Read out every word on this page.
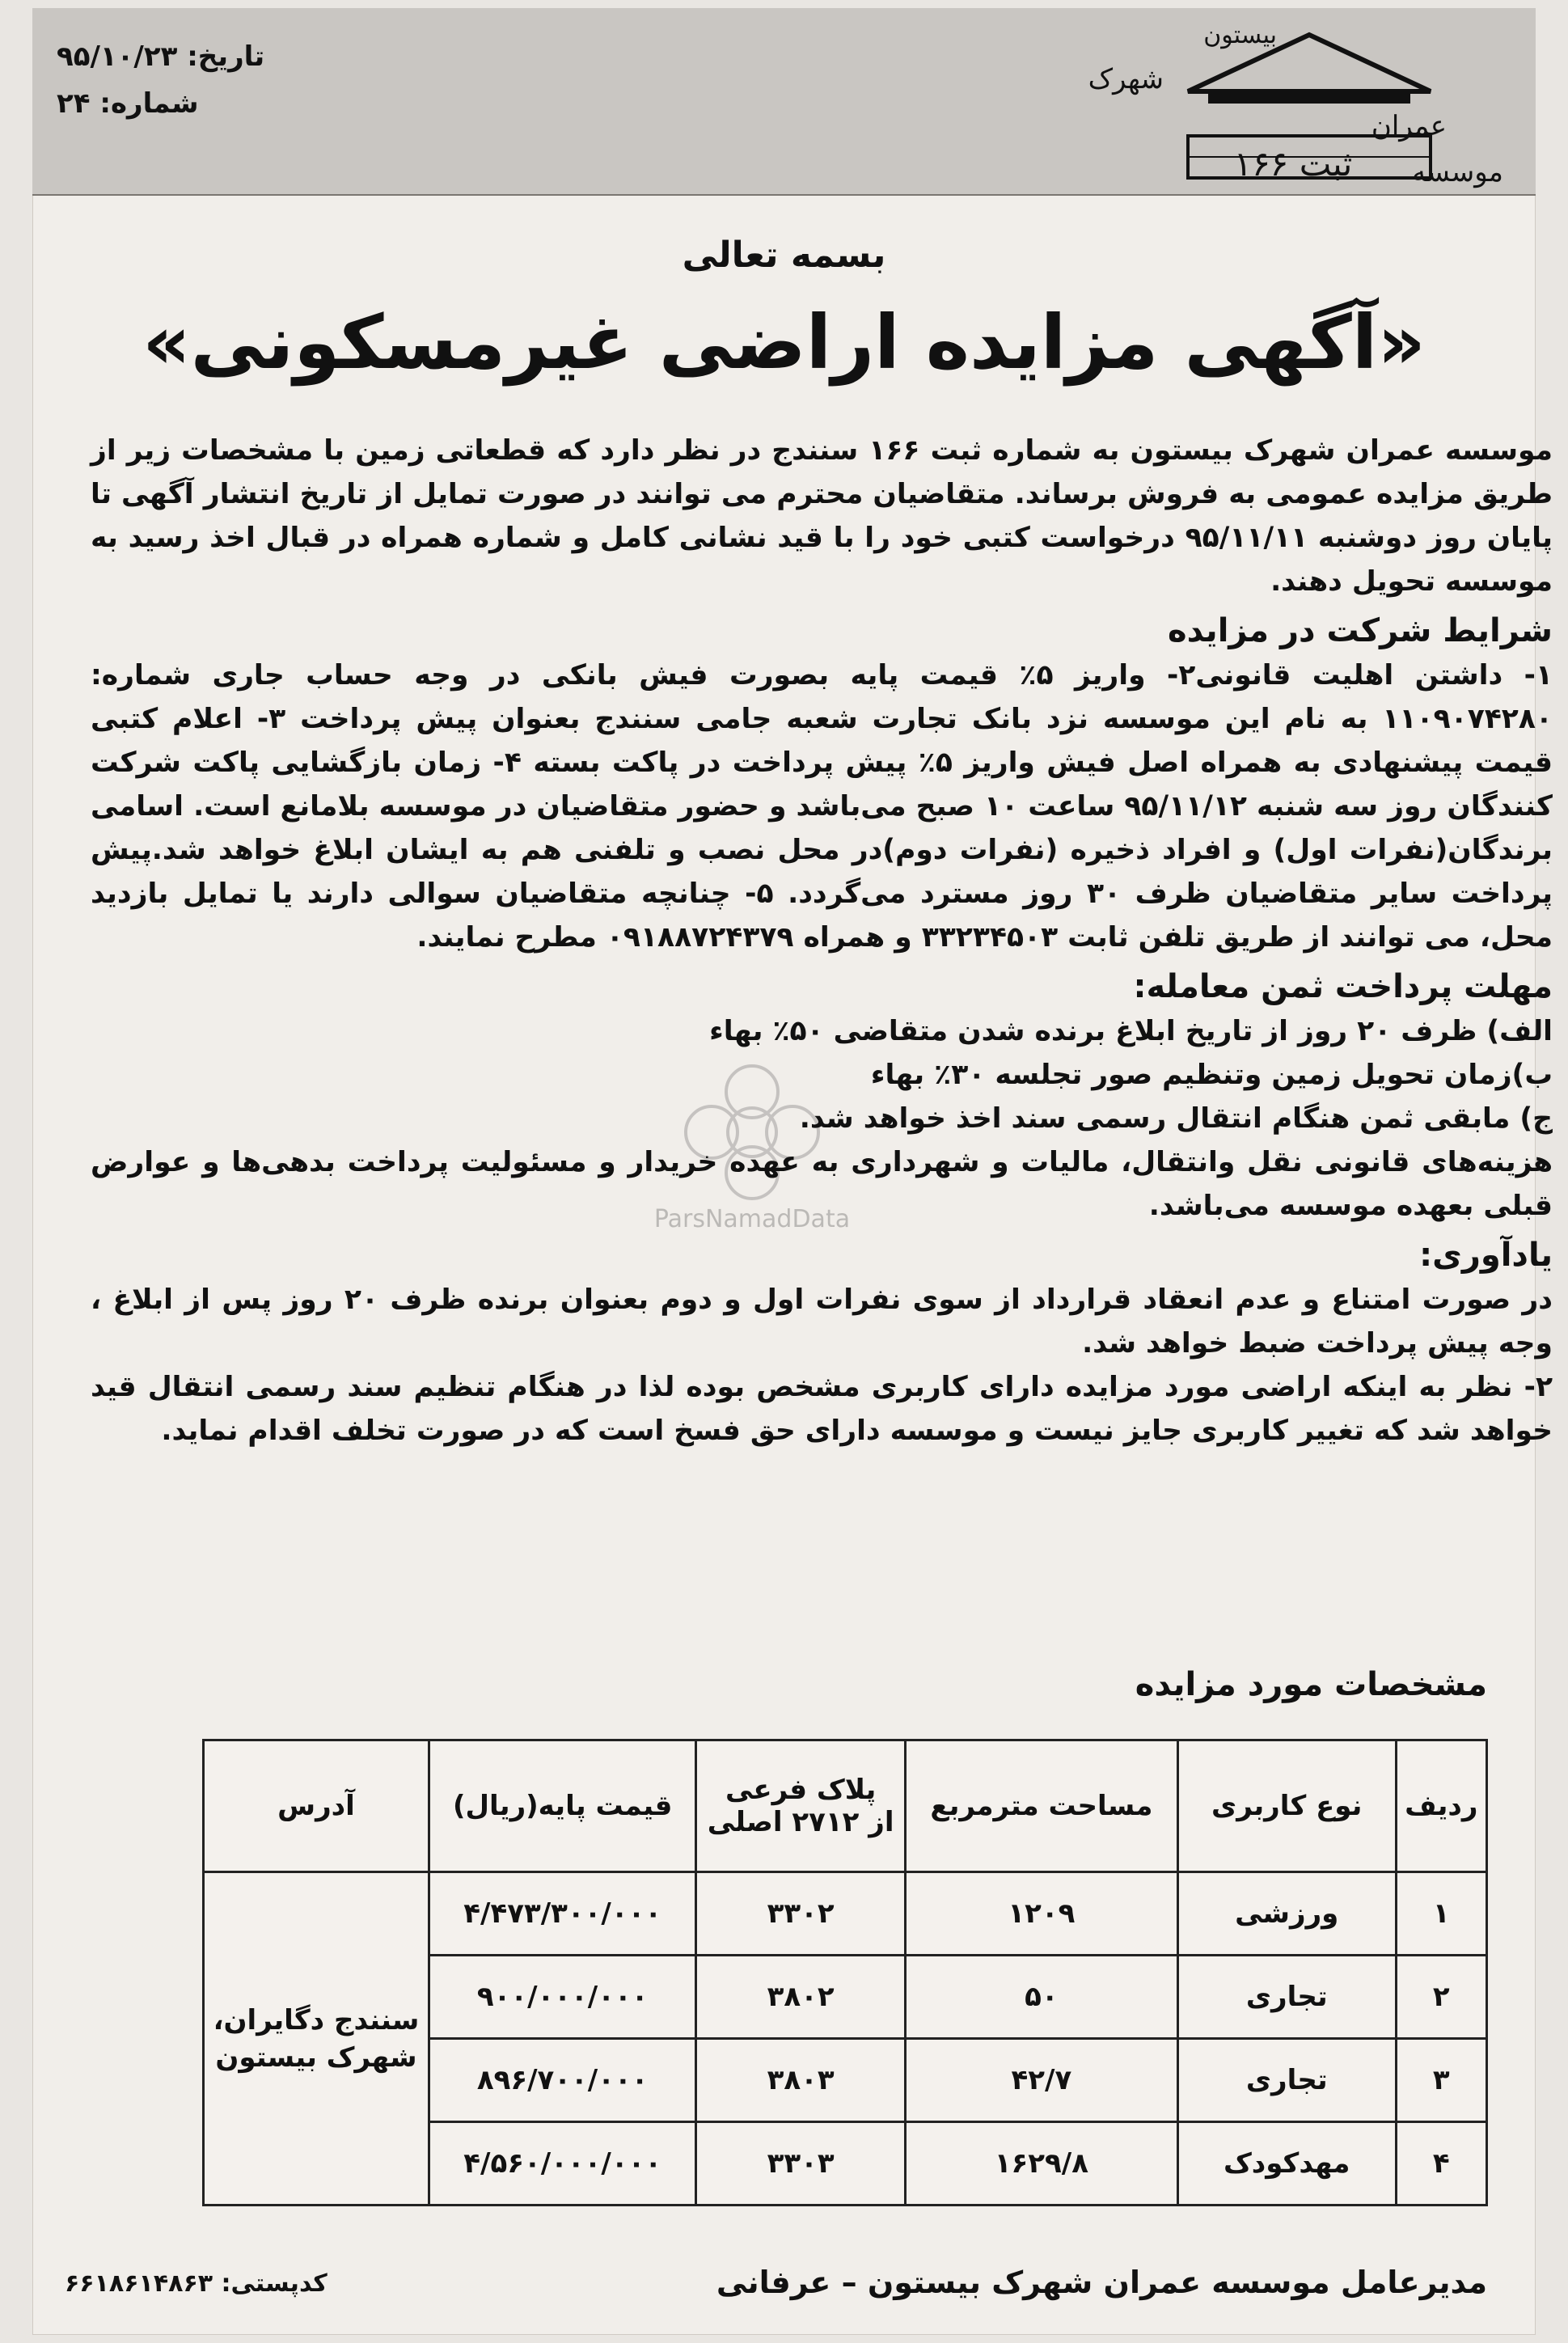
بیستون
شهرک
عمران
موسسه
ثبت ۱۶۶
تاریخ: ۹۵/۱۰/۲۳
شماره: ۲۴
بسمه تعالی
«آگهی مزایده اراضی غیرمسکونی»
ParsNamadData

موسسه عمران شهرک بیستون به شماره ثبت ۱۶۶ سنندج در نظر دارد که قطعاتی زمین با مشخصات زیر از طریق مزایده عمومی به فروش برساند. متقاضیان محترم می توانند در صورت تمایل از تاریخ انتشار آگهی تا پایان روز دوشنبه ۹۵/۱۱/۱۱ درخواست کتبی خود را با قید نشانی کامل و شماره همراه در قبال اخذ رسید به موسسه تحویل دهند.

شرایط شرکت در مزایده

۱- داشتن اهلیت قانونی۲- واریز ۵٪ قیمت پایه بصورت فیش بانکی در وجه حساب جاری شماره: ۱۱۰۹۰۷۴۲۸۰ به نام این موسسه نزد بانک تجارت شعبه جامی سنندج بعنوان پیش پرداخت ۳- اعلام کتبی قیمت پیشنهادی به همراه اصل فیش واریز ۵٪ پیش پرداخت در پاکت بسته ۴- زمان بازگشایی پاکت شرکت کنندگان روز سه شنبه ۹۵/۱۱/۱۲ ساعت ۱۰ صبح می‌باشد و حضور متقاضیان در موسسه بلامانع است. اسامی برندگان(نفرات اول) و افراد ذخیره (نفرات دوم)در محل نصب و تلفنی هم به ایشان ابلاغ خواهد شد.پیش پرداخت سایر متقاضیان ظرف ۳۰ روز مسترد می‌گردد. ۵- چنانچه متقاضیان سوالی دارند یا تمایل بازدید محل، می توانند از طریق تلفن ثابت ۳۳۲۳۴۵۰۳ و همراه ۰۹۱۸۸۷۲۴۳۷۹ مطرح نمایند.

مهلت پرداخت ثمن معامله:

الف) ظرف ۲۰ روز از تاریخ ابلاغ برنده شدن متقاضی ۵۰٪ بهاء

ب)زمان تحویل زمین وتنظیم صور تجلسه ۳۰٪ بهاء

ج) مابقی ثمن هنگام انتقال رسمی سند اخذ خواهد شد.

هزینه‌های قانونی نقل وانتقال، مالیات و شهرداری به عهده خریدار و مسئولیت پرداخت بدهی‌ها و عوارض قبلی بعهده موسسه می‌باشد.

یادآوری:

در صورت امتناع و عدم انعقاد قرارداد از سوی نفرات اول و دوم بعنوان برنده ظرف ۲۰ روز پس از ابلاغ ، وجه پیش پرداخت ضبط خواهد شد.

۲- نظر به اینکه اراضی مورد مزایده دارای کاربری مشخص بوده لذا در هنگام تنظیم سند رسمی انتقال قید خواهد شد که تغییر کاربری جایز نیست و موسسه دارای حق فسخ است که در صورت تخلف اقدام نماید.

مشخصات مورد مزایده
ردیف	نوع کاربری	مساحت مترمربع	پلاک فرعی
از ۲۷۱۲ اصلی	قیمت پایه(ریال)	آدرس
۱	ورزشی	۱۲۰۹	۳۳۰۲	۴/۴۷۳/۳۰۰/۰۰۰	سنندج دگایران،
شهرک بیستون

۲	تجاری	۵۰	۳۸۰۲	۹۰۰/۰۰۰/۰۰۰	
۳	تجاری	۴۲/۷	۳۸۰۳	۸۹۶/۷۰۰/۰۰۰	
۴	مهدکودک	۱۶۲۹/۸	۳۳۰۳	۴/۵۶۰/۰۰۰/۰۰۰	
مدیرعامل موسسه عمران شهرک بیستون – عرفانی
کدپستی: ۶۶۱۸۶۱۴۸۶۳
